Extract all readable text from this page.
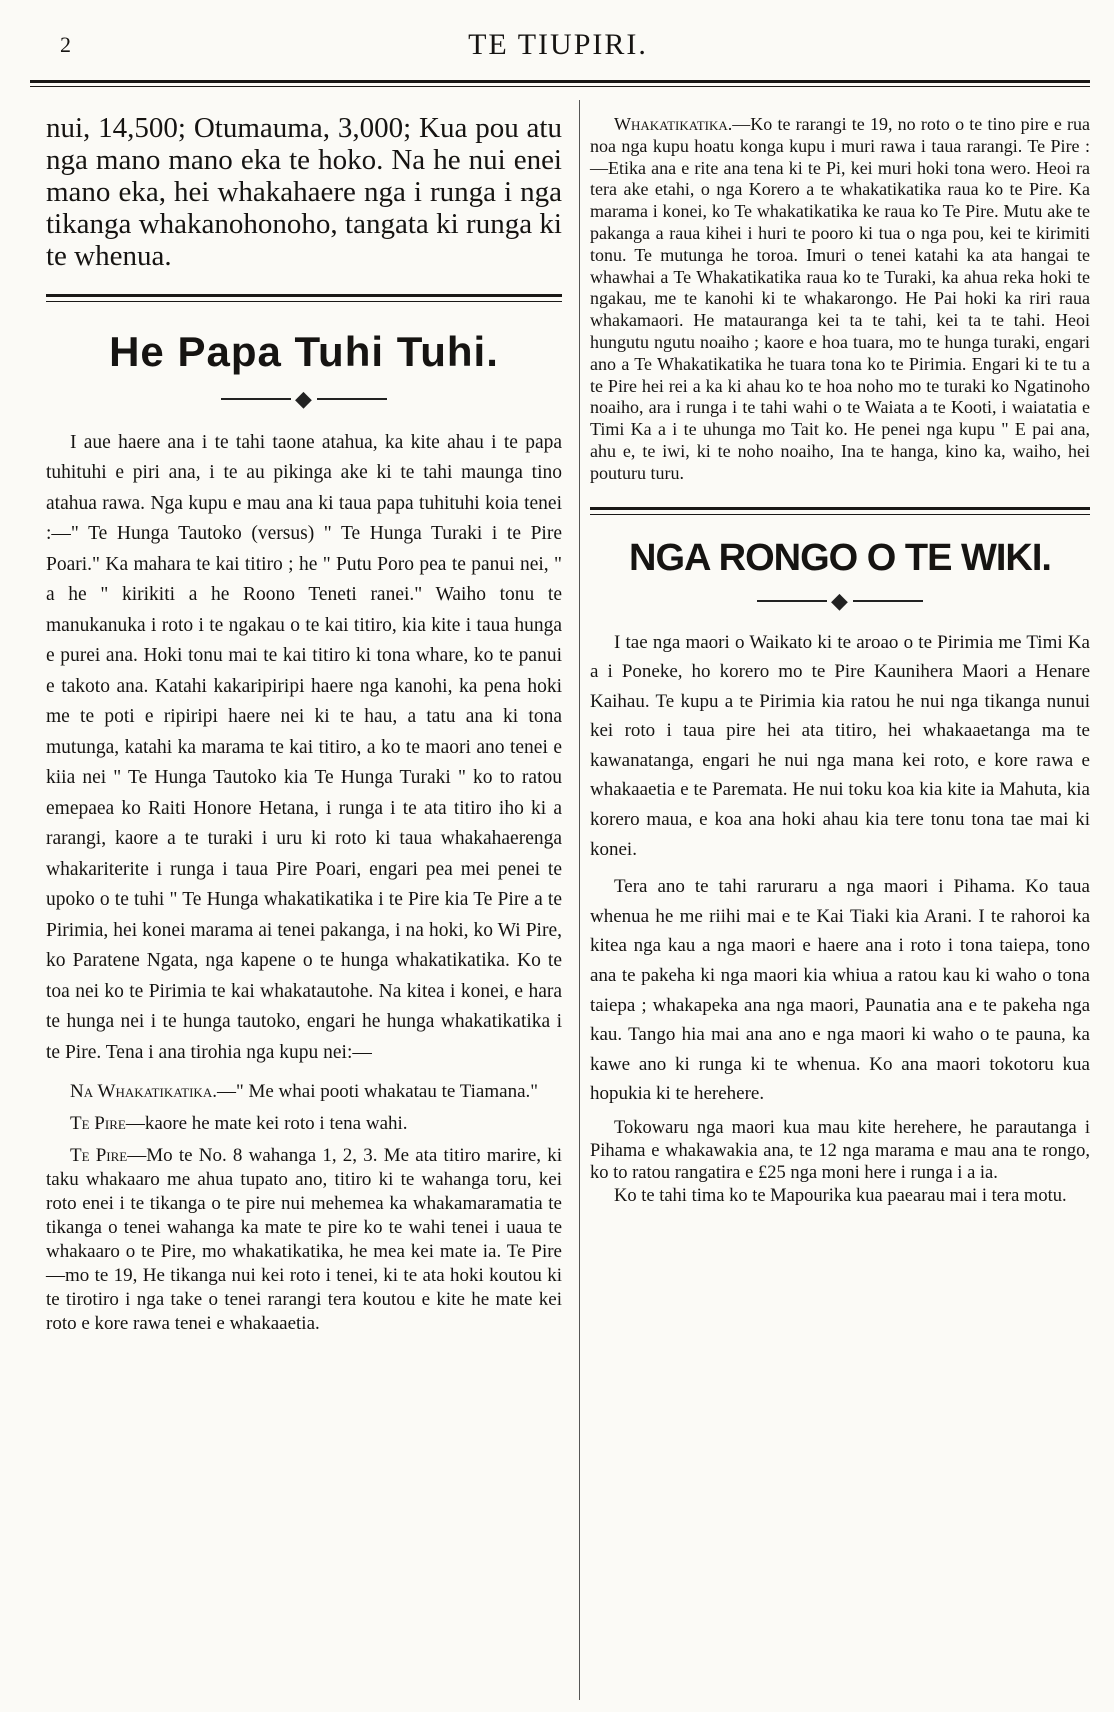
2	TE TIUPIRI.

nui, 14,500; Otumauma, 3,000; Kua pou atu nga mano mano eka te hoko. Na he nui enei mano eka, hei whakahaere nga i runga i nga tikanga whakanohonoho, tangata ki runga ki te whenua.

He Papa Tuhi Tuhi.
◆

I aue haere ana i te tahi taone atahua, ka kite ahau i te papa tuhituhi e piri ana, i te au pikinga ake ki te tahi maunga tino atahua rawa. Nga kupu e mau ana ki taua papa tuhituhi koia tenei :—" Te Hunga Tautoko (versus) " Te Hunga Turaki i te Pire Poari." Ka mahara te kai titiro ; he " Putu Poro pea te panui nei, " a he " kirikiti a he Roono Teneti ranei." Waiho tonu te manukanuka i roto i te ngakau o te kai titiro, kia kite i taua hunga e purei ana. Hoki tonu mai te kai titiro ki tona whare, ko te panui e takoto ana. Katahi kakaripiripi haere nga kanohi, ka pena hoki me te poti e ripiripi haere nei ki te hau, a tatu ana ki tona mutunga, katahi ka marama te kai titiro, a ko te maori ano tenei e kiia nei " Te Hunga Tautoko kia Te Hunga Turaki " ko to ratou emepaea ko Raiti Honore Hetana, i runga i te ata titiro iho ki a rarangi, kaore a te turaki i uru ki roto ki taua whakahaerenga whakariterite i runga i taua Pire Poari, engari pea mei penei te upoko o te tuhi " Te Hunga whakatikatika i te Pire kia Te Pire a te Pirimia, hei konei marama ai tenei pakanga, i na hoki, ko Wi Pire, ko Paratene Ngata, nga kapene o te hunga whakatikatika. Ko te toa nei ko te Pirimia te kai whakatautohe. Na kitea i konei, e hara te hunga nei i te hunga tautoko, engari he hunga whakatikatika i te Pire. Tena i ana tirohia nga kupu nei:—

Na Whakatikatika.—" Me whai pooti whakatau te Tiamana."

Te Pire—kaore he mate kei roto i tena wahi.

Te Pire—Mo te No. 8 wahanga 1, 2, 3. Me ata titiro marire, ki taku whakaaro me ahua tupato ano, titiro ki te wahanga toru, kei roto enei i te tikanga o te pire nui mehemea ka whakamaramatia te tikanga o tenei wahanga ka mate te pire ko te wahi tenei i uaua te whakaaro o te Pire, mo whakatikatika, he mea kei mate ia. Te Pire—mo te 19, He tikanga nui kei roto i tenei, ki te ata hoki koutou ki te tirotiro i nga take o tenei rarangi tera koutou e kite he mate kei roto e kore rawa tenei e whakaaetia.

Whakatikatika.—Ko te rarangi te 19, no roto o te tino pire e rua noa nga kupu hoatu konga kupu i muri rawa i taua rarangi. Te Pire :—Etika ana e rite ana tena ki te Pi, kei muri hoki tona wero. Heoi ra tera ake etahi, o nga Korero a te whakatikatika raua ko te Pire. Ka marama i konei, ko Te whakatikatika ke raua ko Te Pire. Mutu ake te pakanga a raua kihei i huri te pooro ki tua o nga pou, kei te kirimiti tonu. Te mutunga he toroa. Imuri o tenei katahi ka ata hangai te whawhai a Te Whakatikatika raua ko te Turaki, ka ahua reka hoki te ngakau, me te kanohi ki te whakarongo. He Pai hoki ka riri raua whakamaori. He matauranga kei ta te tahi, kei ta te tahi. Heoi hungutu ngutu noaiho ; kaore e hoa tuara, mo te hunga turaki, engari ano a Te Whakatikatika he tuara tona ko te Pirimia. Engari ki te tu a te Pire hei rei a ka ki ahau ko te hoa noho mo te turaki ko Ngatinoho noaiho, ara i runga i te tahi wahi o te Waiata a te Kooti, i waiatatia e Timi Ka a i te uhunga mo Tait ko. He penei nga kupu " E pai ana, ahu e, te iwi, ki te noho noaiho, Ina te hanga, kino ka, waiho, hei pouturu turu.

NGA RONGO O TE WIKI.
◆

I tae nga maori o Waikato ki te aroao o te Pirimia me Timi Ka a i Poneke, ho korero mo te Pire Kaunihera Maori a Henare Kaihau. Te kupu a te Pirimia kia ratou he nui nga tikanga nunui kei roto i taua pire hei ata titiro, hei whakaaetanga ma te kawanatanga, engari he nui nga mana kei roto, e kore rawa e whakaaetia e te Paremata. He nui toku koa kia kite ia Mahuta, kia korero maua, e koa ana hoki ahau kia tere tonu tona tae mai ki konei.

Tera ano te tahi raruraru a nga maori i Pihama. Ko taua whenua he me riihi mai e te Kai Tiaki kia Arani. I te rahoroi ka kitea nga kau a nga maori e haere ana i roto i tona taiepa, tono ana te pakeha ki nga maori kia whiua a ratou kau ki waho o tona taiepa ; whakapeka ana nga maori, Paunatia ana e te pakeha nga kau. Tango hia mai ana ano e nga maori ki waho o te pauna, ka kawe ano ki runga ki te whenua. Ko ana maori tokotoru kua hopukia ki te herehere.

Tokowaru nga maori kua mau kite herehere, he parautanga i Pihama e whakawakia ana, te 12 nga marama e mau ana te rongo, ko to ratou rangatira e £25 nga moni here i runga i a ia.

Ko te tahi tima ko te Mapourika kua paearau mai i tera motu.
